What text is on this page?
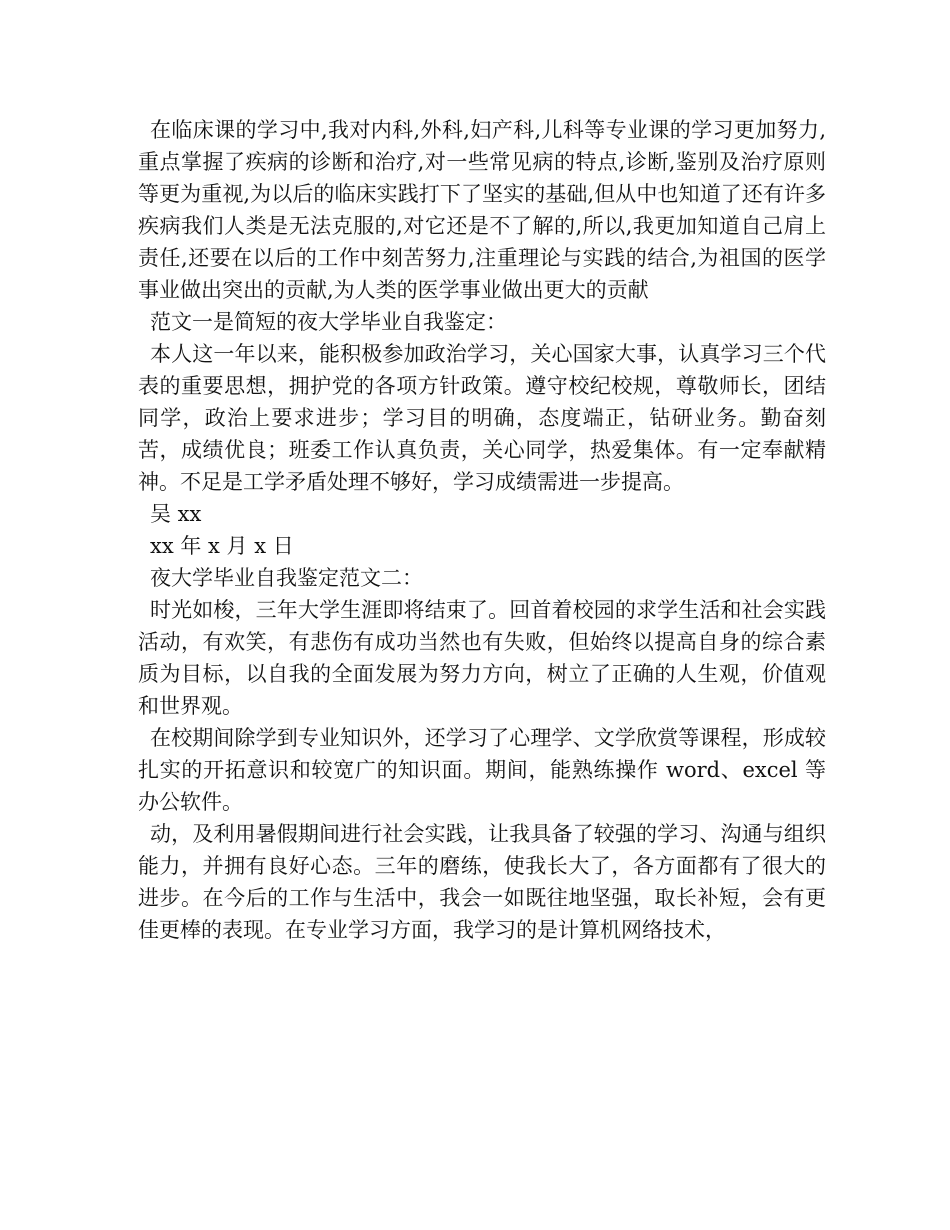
在临床课的学习中,我对内科,外科,妇产科,儿科等专业课的学习更加努力,重点掌握了疾病的诊断和治疗,对一些常见病的特点,诊断,鉴别及治疗原则等更为重视,为以后的临床实践打下了坚实的基础,但从中也知道了还有许多疾病我们人类是无法克服的,对它还是不了解的,所以,我更加知道自己肩上责任,还要在以后的工作中刻苦努力,注重理论与实践的结合,为祖国的医学事业做出突出的贡献,为人类的医学事业做出更大的贡献

范文一是简短的夜大学毕业自我鉴定：

本人这一年以来，能积极参加政治学习，关心国家大事，认真学习三个代表的重要思想，拥护党的各项方针政策。遵守校纪校规，尊敬师长，团结同学，政治上要求进步；学习目的明确，态度端正，钻研业务。勤奋刻苦，成绩优良；班委工作认真负责，关心同学，热爱集体。有一定奉献精神。不足是工学矛盾处理不够好，学习成绩需进一步提高。

吴 xx

xx 年 x 月 x 日

夜大学毕业自我鉴定范文二：

时光如梭，三年大学生涯即将结束了。回首着校园的求学生活和社会实践活动，有欢笑，有悲伤有成功当然也有失败，但始终以提高自身的综合素质为目标，以自我的全面发展为努力方向，树立了正确的人生观，价值观和世界观。

在校期间除学到专业知识外，还学习了心理学、文学欣赏等课程，形成较扎实的开拓意识和较宽广的知识面。期间，能熟练操作 word、excel 等办公软件。

动，及利用暑假期间进行社会实践，让我具备了较强的学习、沟通与组织能力，并拥有良好心态。三年的磨练，使我长大了，各方面都有了很大的进步。在今后的工作与生活中，我会一如既往地坚强，取长补短，会有更佳更棒的表现。在专业学习方面，我学习的是计算机网络技术，
